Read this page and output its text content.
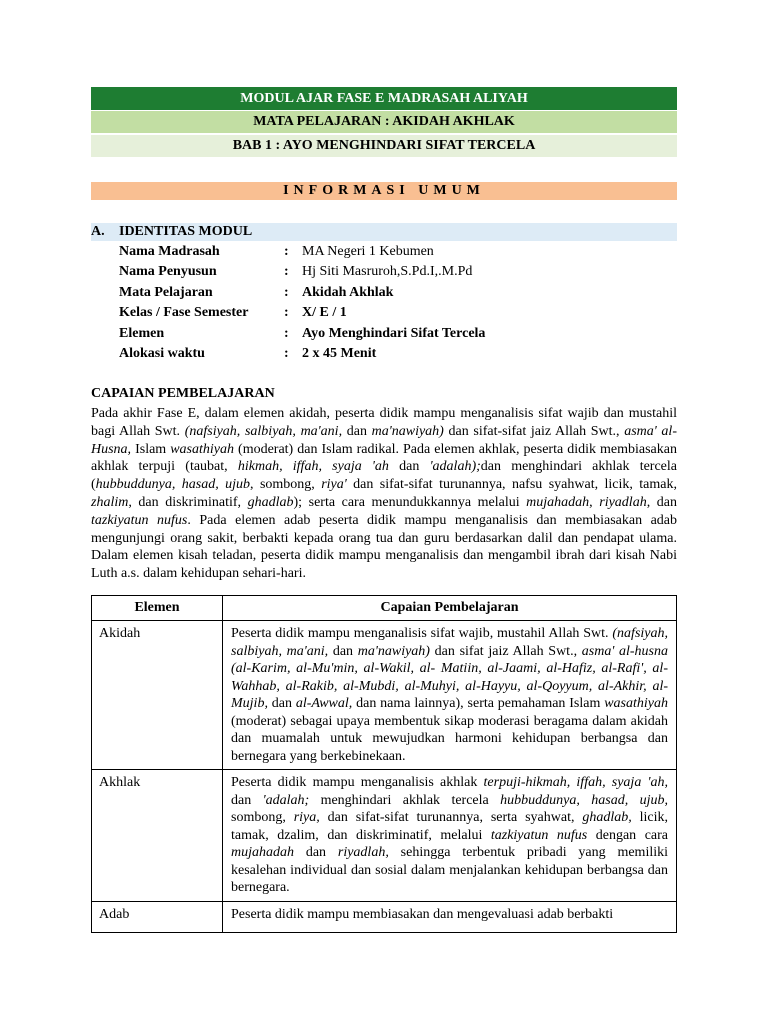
MODUL AJAR FASE E MADRASAH ALIYAH
MATA PELAJARAN : AKIDAH AKHLAK
BAB 1 : AYO MENGHINDARI SIFAT TERCELA
INFORMASI UMUM
A. IDENTITAS MODUL
Nama Madrasah	: MA Negeri 1 Kebumen
Nama Penyusun	: Hj Siti Masruroh,S.Pd.I,.M.Pd
Mata Pelajaran	: Akidah Akhlak
Kelas / Fase Semester	: X/ E / 1
Elemen	: Ayo Menghindari Sifat Tercela
Alokasi waktu	: 2 x 45 Menit
CAPAIAN PEMBELAJARAN
Pada akhir Fase E, dalam elemen akidah, peserta didik mampu menganalisis sifat wajib dan mustahil bagi Allah Swt. (nafsiyah, salbiyah, ma'ani, dan ma'nawiyah) dan sifat-sifat jaiz Allah Swt., asma' al-Husna, Islam wasathiyah (moderat) dan Islam radikal. Pada elemen akhlak, peserta didik membiasakan akhlak terpuji (taubat, hikmah, iffah, syaja 'ah dan 'adalah);dan menghindari akhlak tercela (hubbuddunya, hasad, ujub, sombong, riya' dan sifat-sifat turunannya, nafsu syahwat, licik, tamak, zhalim, dan diskriminatif, ghadlab); serta cara menundukkannya melalui mujahadah, riyadlah, dan tazkiyatun nufus. Pada elemen adab peserta didik mampu menganalisis dan membiasakan adab mengunjungi orang sakit, berbakti kepada orang tua dan guru berdasarkan dalil dan pendapat ulama. Dalam elemen kisah teladan, peserta didik mampu menganalisis dan mengambil ibrah dari kisah Nabi Luth a.s. dalam kehidupan sehari-hari.
Elemen	Capaian Pembelajaran
Akidah	Peserta didik mampu menganalisis sifat wajib, mustahil Allah Swt. (nafsiyah, salbiyah, ma'ani, dan ma'nawiyah) dan sifat jaiz Allah Swt., asma' al-husna (al-Karim, al-Mu'min, al-Wakil, al- Matiin, al-Jaami, al-Hafiz, al-Rafi', al-Wahhab, al-Rakib, al-Mubdi, al-Muhyi, al-Hayyu, al-Qoyyum, al-Akhir, al-Mujib, dan al-Awwal, dan nama lainnya), serta pemahaman Islam wasathiyah (moderat) sebagai upaya membentuk sikap moderasi beragama dalam akidah dan muamalah untuk mewujudkan harmoni kehidupan berbangsa dan bernegara yang berkebinekaan.
Akhlak	Peserta didik mampu menganalisis akhlak terpuji-hikmah, iffah, syaja 'ah, dan 'adalah; menghindari akhlak tercela hubbuddunya, hasad, ujub, sombong, riya, dan sifat-sifat turunannya, serta syahwat, ghadlab, licik, tamak, dzalim, dan diskriminatif, melalui tazkiyatun nufus dengan cara mujahadah dan riyadlah, sehingga terbentuk pribadi yang memiliki kesalehan individual dan sosial dalam menjalankan kehidupan berbangsa dan bernegara.
Adab	Peserta didik mampu membiasakan dan mengevaluasi adab berbakti
